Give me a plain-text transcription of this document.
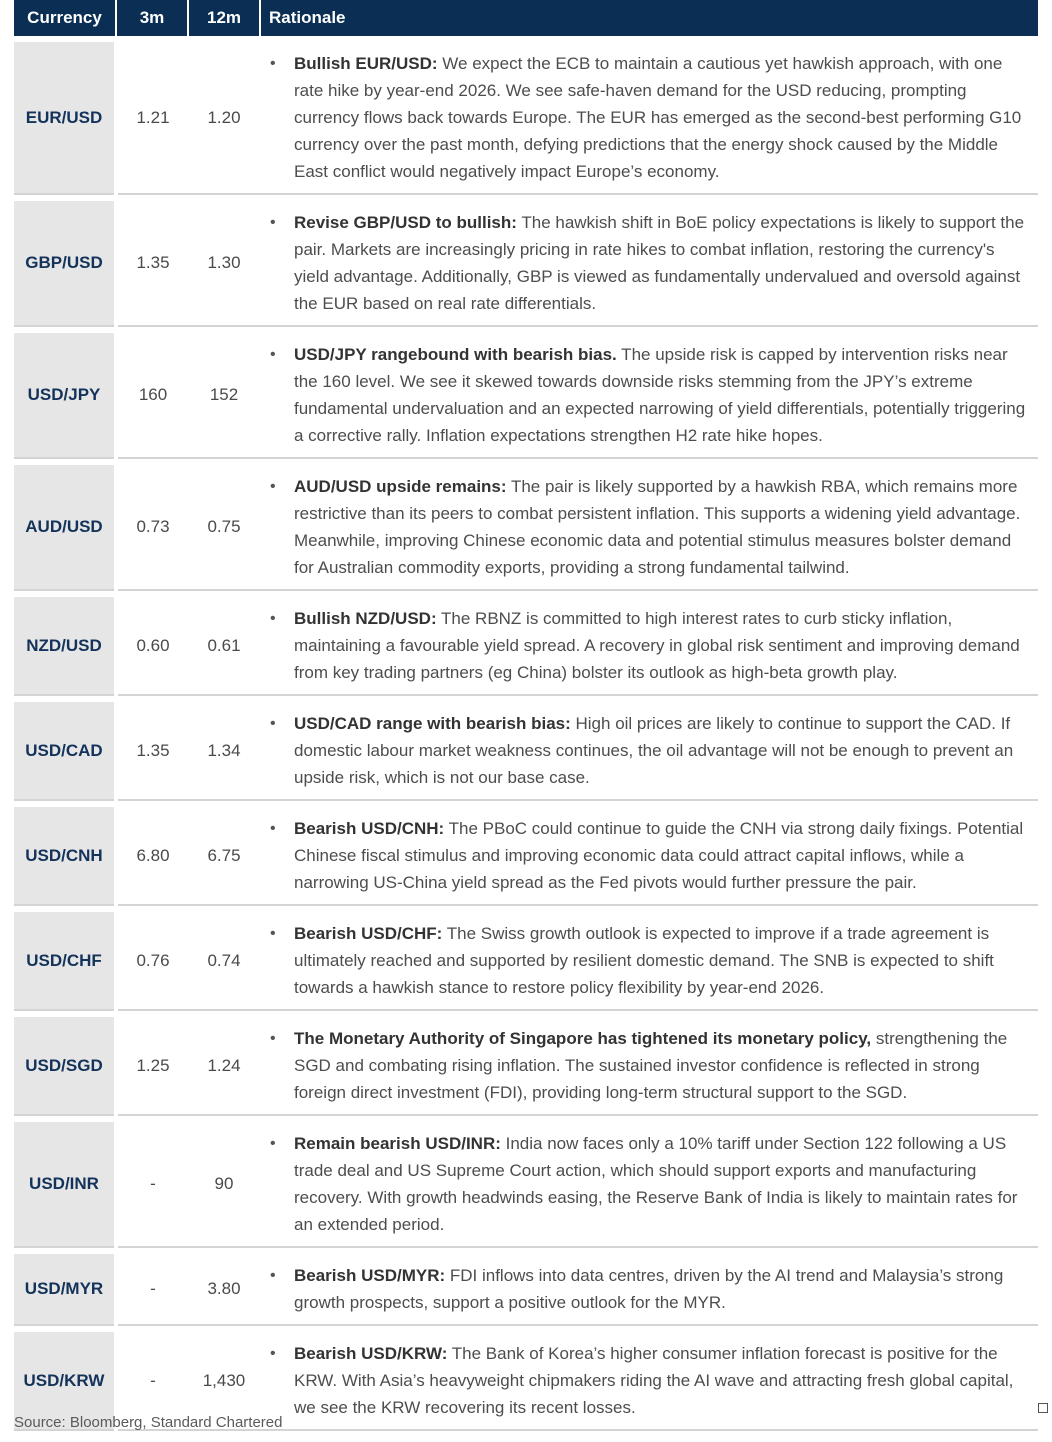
Currency	3m	12m	Rationale

EUR/USD	1.21	1.20	• Bullish EUR/USD: We expect the ECB to maintain a cautious yet hawkish approach, with one rate hike by year-end 2026. We see safe-haven demand for the USD reducing, prompting currency flows back towards Europe. The EUR has emerged as the second-best performing G10 currency over the past month, defying predictions that the energy shock caused by the Middle East conflict would negatively impact Europe’s economy.

GBP/USD	1.35	1.30	• Revise GBP/USD to bullish: The hawkish shift in BoE policy expectations is likely to support the pair. Markets are increasingly pricing in rate hikes to combat inflation, restoring the currency's yield advantage. Additionally, GBP is viewed as fundamentally undervalued and oversold against the EUR based on real rate differentials.

USD/JPY	160	152	• USD/JPY rangebound with bearish bias. The upside risk is capped by intervention risks near the 160 level. We see it skewed towards downside risks stemming from the JPY’s extreme fundamental undervaluation and an expected narrowing of yield differentials, potentially triggering a corrective rally. Inflation expectations strengthen H2 rate hike hopes.

AUD/USD	0.73	0.75	• AUD/USD upside remains: The pair is likely supported by a hawkish RBA, which remains more restrictive than its peers to combat persistent inflation. This supports a widening yield advantage. Meanwhile, improving Chinese economic data and potential stimulus measures bolster demand for Australian commodity exports, providing a strong fundamental tailwind.

NZD/USD	0.60	0.61	• Bullish NZD/USD: The RBNZ is committed to high interest rates to curb sticky inflation, maintaining a favourable yield spread. A recovery in global risk sentiment and improving demand from key trading partners (eg China) bolster its outlook as high-beta growth play.

USD/CAD	1.35	1.34	• USD/CAD range with bearish bias: High oil prices are likely to continue to support the CAD. If domestic labour market weakness continues, the oil advantage will not be enough to prevent an upside risk, which is not our base case.

USD/CNH	6.80	6.75	• Bearish USD/CNH: The PBoC could continue to guide the CNH via strong daily fixings. Potential Chinese fiscal stimulus and improving economic data could attract capital inflows, while a narrowing US-China yield spread as the Fed pivots would further pressure the pair.

USD/CHF	0.76	0.74	• Bearish USD/CHF: The Swiss growth outlook is expected to improve if a trade agreement is ultimately reached and supported by resilient domestic demand. The SNB is expected to shift towards a hawkish stance to restore policy flexibility by year-end 2026.

USD/SGD	1.25	1.24	• The Monetary Authority of Singapore has tightened its monetary policy, strengthening the SGD and combating rising inflation. The sustained investor confidence is reflected in strong foreign direct investment (FDI), providing long-term structural support to the SGD.

USD/INR	-	90	• Remain bearish USD/INR: India now faces only a 10% tariff under Section 122 following a US trade deal and US Supreme Court action, which should support exports and manufacturing recovery. With growth headwinds easing, the Reserve Bank of India is likely to maintain rates for an extended period.

USD/MYR	-	3.80	• Bearish USD/MYR: FDI inflows into data centres, driven by the AI trend and Malaysia’s strong growth prospects, support a positive outlook for the MYR.

USD/KRW	-	1,430	• Bearish USD/KRW: The Bank of Korea’s higher consumer inflation forecast is positive for the KRW. With Asia’s heavyweight chipmakers riding the AI wave and attracting fresh global capital, we see the KRW recovering its recent losses.
Source: Bloomberg, Standard Chartered
